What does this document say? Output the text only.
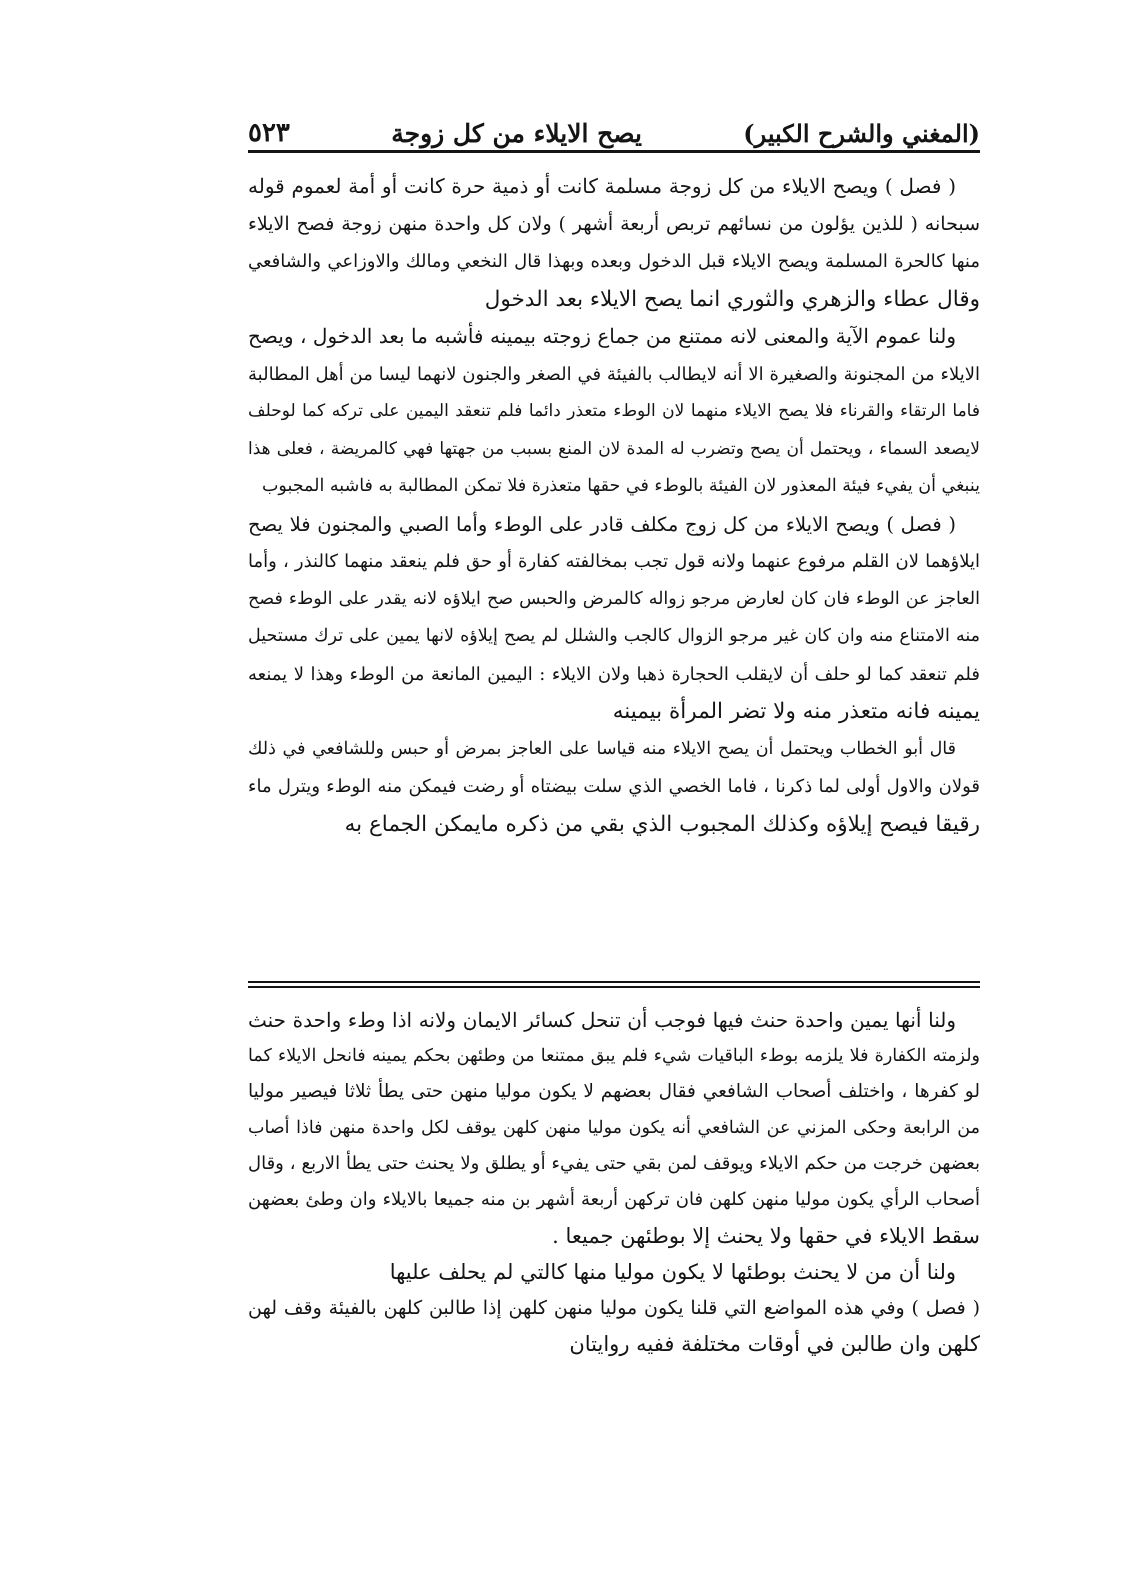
(المغني والشرح الكبير)
يصح الايلاء من كل زوجة
٥٢٣
( فصل ) ويصح الايلاء من كل زوجة مسلمة كانت أو ذمية حرة كانت أو أمة لعموم قوله
سبحانه ( للذين يؤلون من نسائهم تربص أربعة أشهر ) ولان كل واحدة منهن زوجة فصح الايلاء
منها كالحرة المسلمة ويصح الايلاء قبل الدخول وبعده وبهذا قال النخعي ومالك والاوزاعي والشافعي
وقال عطاء والزهري والثوري انما يصح الايلاء بعد الدخول
ولنا عموم الآية والمعنى لانه ممتنع من جماع زوجته بيمينه فأشبه ما بعد الدخول ، ويصح
الايلاء من المجنونة والصغيرة الا أنه لايطالب بالفيئة في الصغر والجنون لانهما ليسا من أهل المطالبة
فاما الرتقاء والقرناء فلا يصح الايلاء منهما لان الوطء متعذر دائما فلم تنعقد اليمين على تركه كما لوحلف
لايصعد السماء ، ويحتمل أن يصح وتضرب له المدة لان المنع بسبب من جهتها فهي كالمريضة ، فعلى هذا
ينبغي أن يفيء فيئة المعذور لان الفيئة بالوطء في حقها متعذرة فلا تمكن المطالبة به فاشبه المجبوب
( فصل ) ويصح الايلاء من كل زوج مكلف قادر على الوطء وأما الصبي والمجنون فلا يصح
ايلاؤهما لان القلم مرفوع عنهما ولانه قول تجب بمخالفته كفارة أو حق فلم ينعقد منهما كالنذر ، وأما
العاجز عن الوطء فان كان لعارض مرجو زواله كالمرض والحبس صح ايلاؤه لانه يقدر على الوطء فصح
منه الامتناع منه وان كان غير مرجو الزوال كالجب والشلل لم يصح إيلاؤه لانها يمين على ترك مستحيل
فلم تنعقد كما لو حلف أن لايقلب الحجارة ذهبا ولان الايلاء : اليمين المانعة من الوطء وهذا لا يمنعه
يمينه فانه متعذر منه ولا تضر المرأة بيمينه
قال أبو الخطاب ويحتمل أن يصح الايلاء منه قياسا على العاجز بمرض أو حبس وللشافعي في ذلك
قولان والاول أولى لما ذكرنا ، فاما الخصي الذي سلت بيضتاه أو رضت فيمكن منه الوطء ويترل ماء
رقيقا فيصح إيلاؤه وكذلك المجبوب الذي بقي من ذكره مايمكن الجماع به
ولنا أنها يمين واحدة حنث فيها فوجب أن تنحل كسائر الايمان ولانه اذا وطء واحدة حنث
ولزمته الكفارة فلا يلزمه بوطء الباقيات شيء فلم يبق ممتنعا من وطئهن بحكم يمينه فانحل الايلاء كما
لو كفرها ، واختلف أصحاب الشافعي فقال بعضهم لا يكون موليا منهن حتى يطأ ثلاثا فيصير موليا
من الرابعة وحكى المزني عن الشافعي أنه يكون موليا منهن كلهن يوقف لكل واحدة منهن فاذا أصاب
بعضهن خرجت من حكم الايلاء ويوقف لمن بقي حتى يفيء أو يطلق ولا يحنث حتى يطأ الاربع ، وقال
أصحاب الرأي يكون موليا منهن كلهن فان تركهن أربعة أشهر بن منه جميعا بالايلاء وان وطئ بعضهن
سقط الايلاء في حقها ولا يحنث إلا بوطئهن جميعا .
ولنا أن من لا يحنث بوطئها لا يكون موليا منها كالتي لم يحلف عليها
( فصل ) وفي هذه المواضع التي قلنا يكون موليا منهن كلهن إذا طالبن كلهن بالفيئة وقف لهن
كلهن وان طالبن في أوقات مختلفة ففيه روايتان
